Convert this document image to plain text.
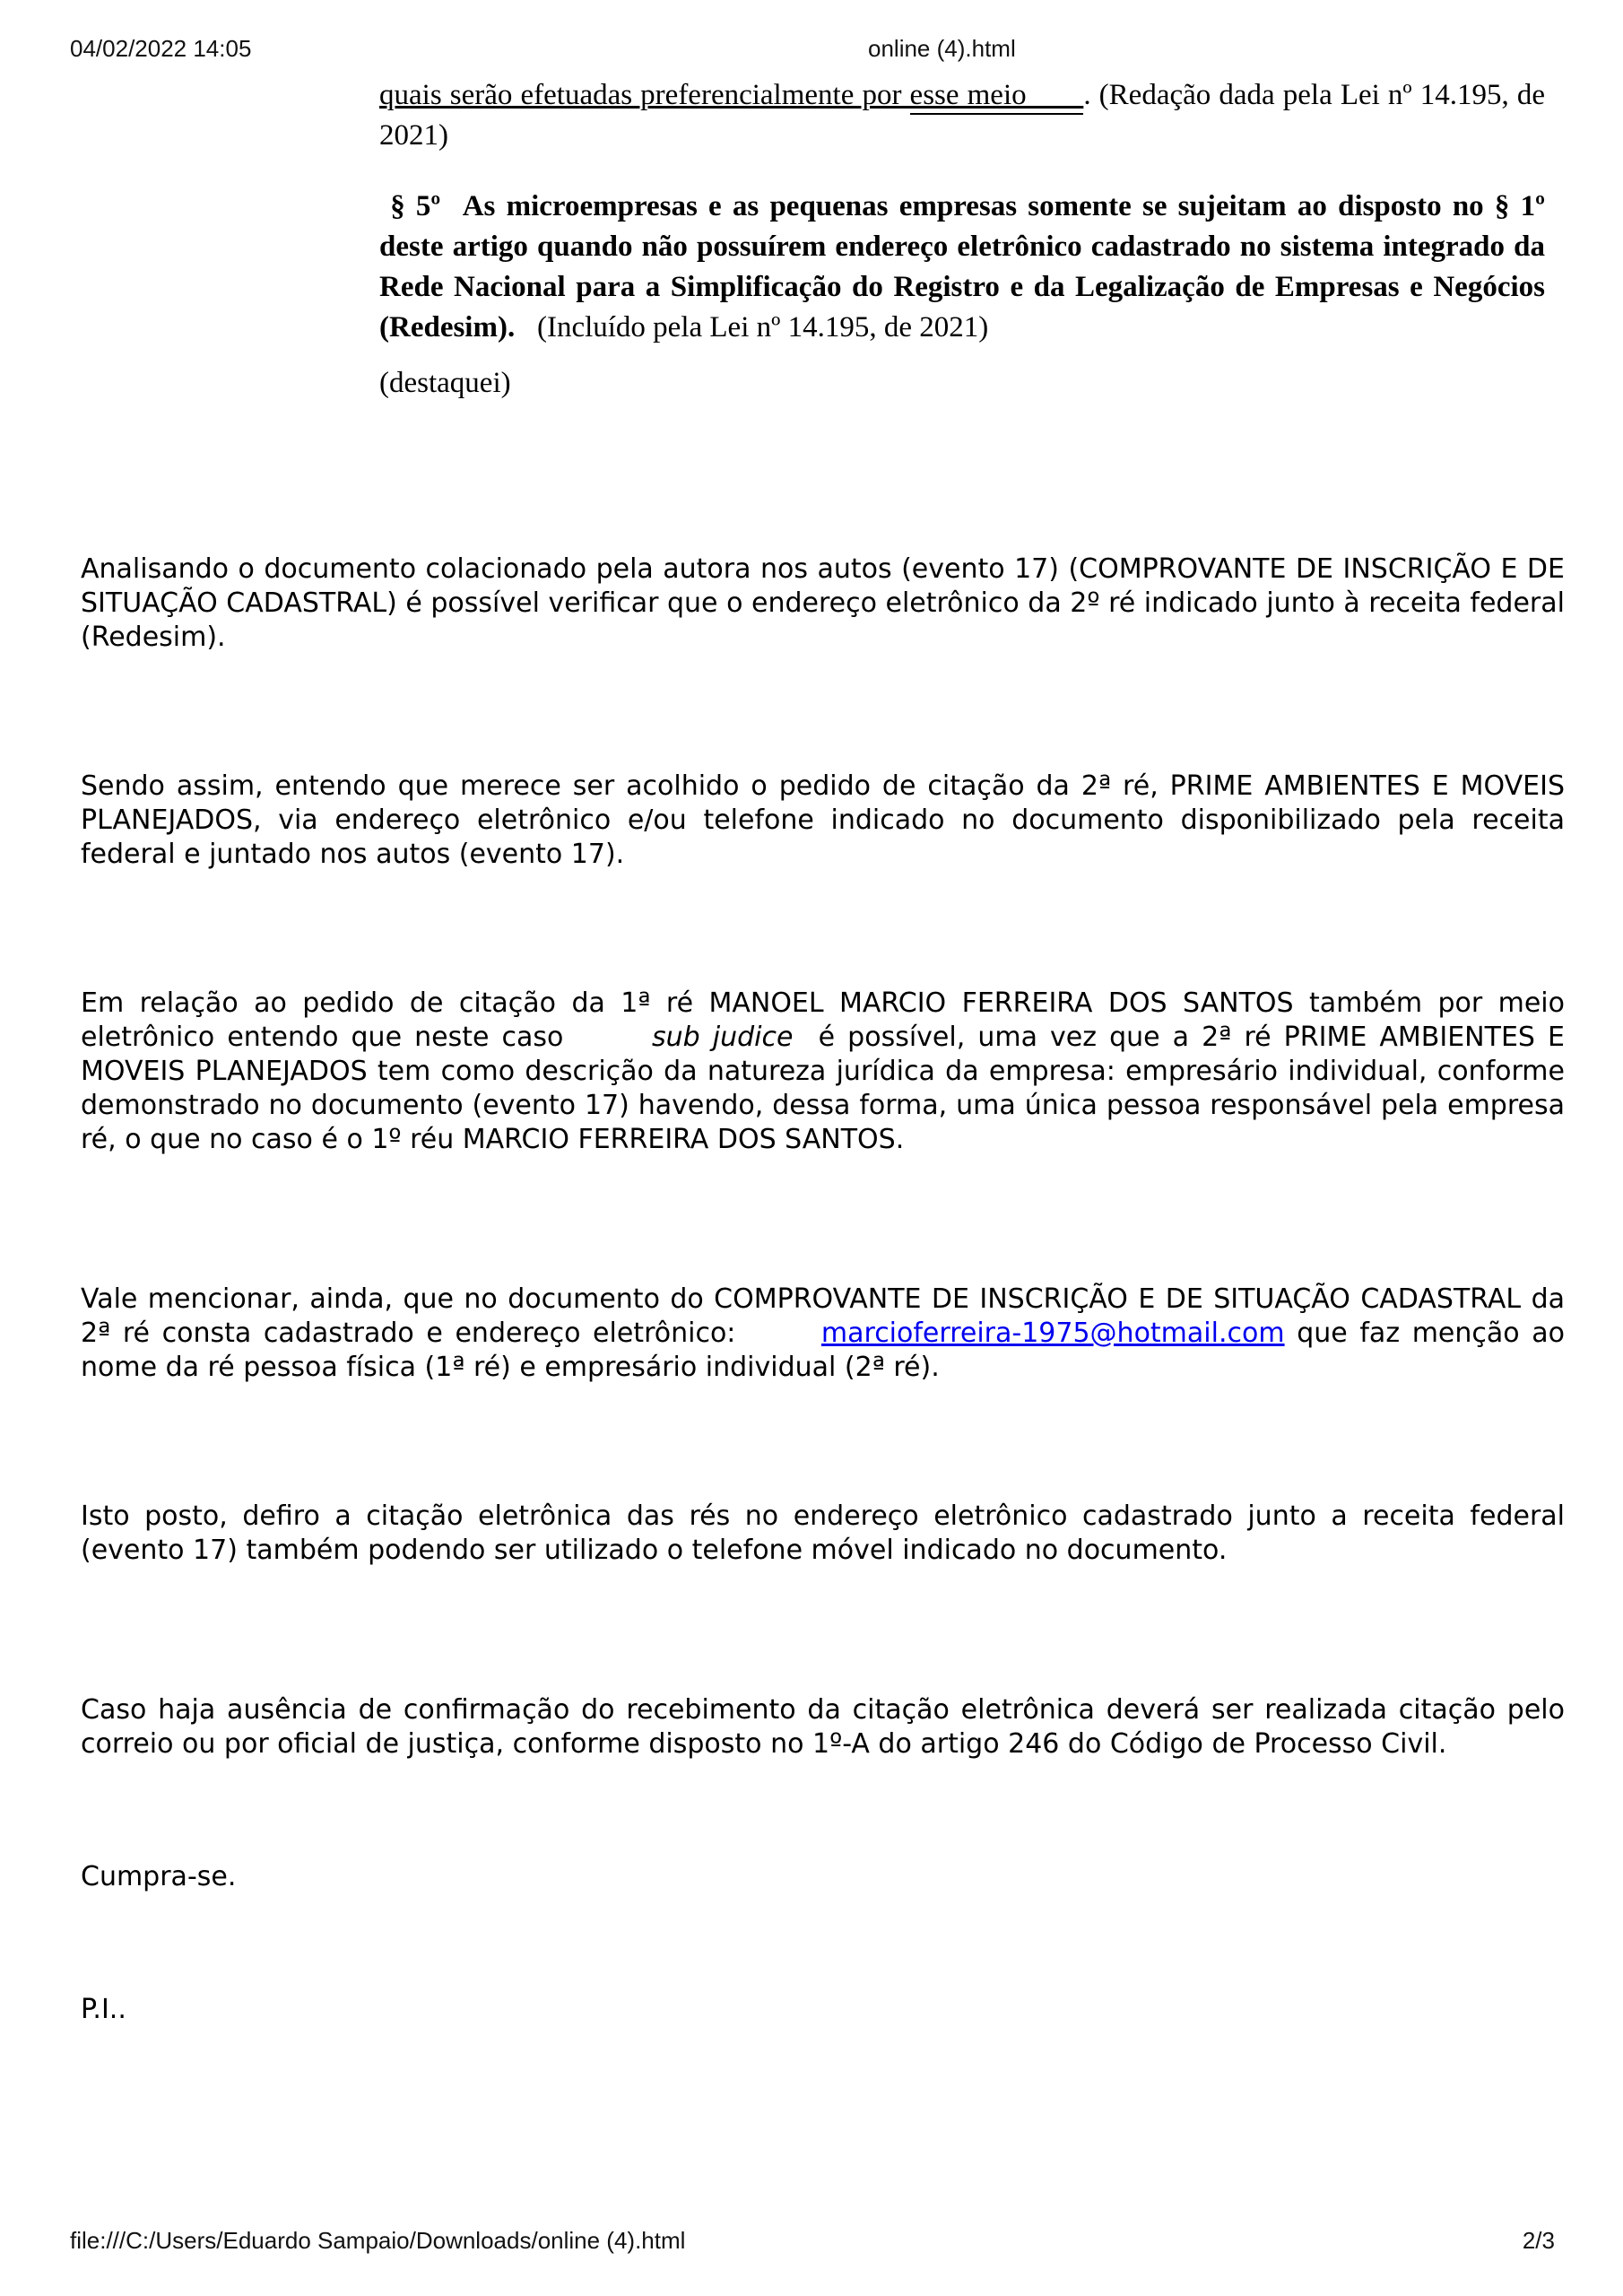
04/02/2022 14:05	online (4).html

quais serão efetuadas preferencialmente por esse meio       . (Redação dada pela Lei nº 14.195, de 2021)

§ 5º  As microempresas e as pequenas empresas somente se sujeitam ao disposto no § 1º deste artigo quando não possuírem endereço eletrônico cadastrado no sistema integrado da Rede Nacional para a Simplificação do Registro e da Legalização de Empresas e Negócios (Redesim).   (Incluído pela Lei nº 14.195, de 2021)

(destaquei)

Analisando o documento colacionado pela autora nos autos (evento 17) (COMPROVANTE DE INSCRIÇÃO E DE SITUAÇÃO CADASTRAL) é possível verificar que o endereço eletrônico da 2º ré indicado junto à receita federal (Redesim).

Sendo assim, entendo que merece ser acolhido o pedido de citação da 2ª ré, PRIME AMBIENTES E MOVEIS PLANEJADOS, via endereço eletrônico e/ou telefone indicado no documento disponibilizado pela receita federal e juntado nos autos (evento 17).

Em relação ao pedido de citação da 1ª ré MANOEL MARCIO FERREIRA DOS SANTOS também por meio eletrônico entendo que neste caso       sub judice  é possível, uma vez que a 2ª ré PRIME AMBIENTES E MOVEIS PLANEJADOS tem como descrição da natureza jurídica da empresa: empresário individual, conforme demonstrado no documento (evento 17) havendo, dessa forma, uma única pessoa responsável pela empresa ré, o que no caso é o 1º réu MARCIO FERREIRA DOS SANTOS.

Vale mencionar, ainda, que no documento do COMPROVANTE DE INSCRIÇÃO E DE SITUAÇÃO CADASTRAL da 2ª ré consta cadastrado e endereço eletrônico:       marcioferreira-1975@hotmail.com que faz menção ao nome da ré pessoa física (1ª ré) e empresário individual (2ª ré).

Isto posto, defiro a citação eletrônica das rés no endereço eletrônico cadastrado junto a receita federal (evento 17) também podendo ser utilizado o telefone móvel indicado no documento.

Caso haja ausência de confirmação do recebimento da citação eletrônica deverá ser realizada citação pelo correio ou por oficial de justiça, conforme disposto no 1º-A do artigo 246 do Código de Processo Civil.

Cumpra-se.

P.I..

file:///C:/Users/Eduardo Sampaio/Downloads/online (4).html	2/3
